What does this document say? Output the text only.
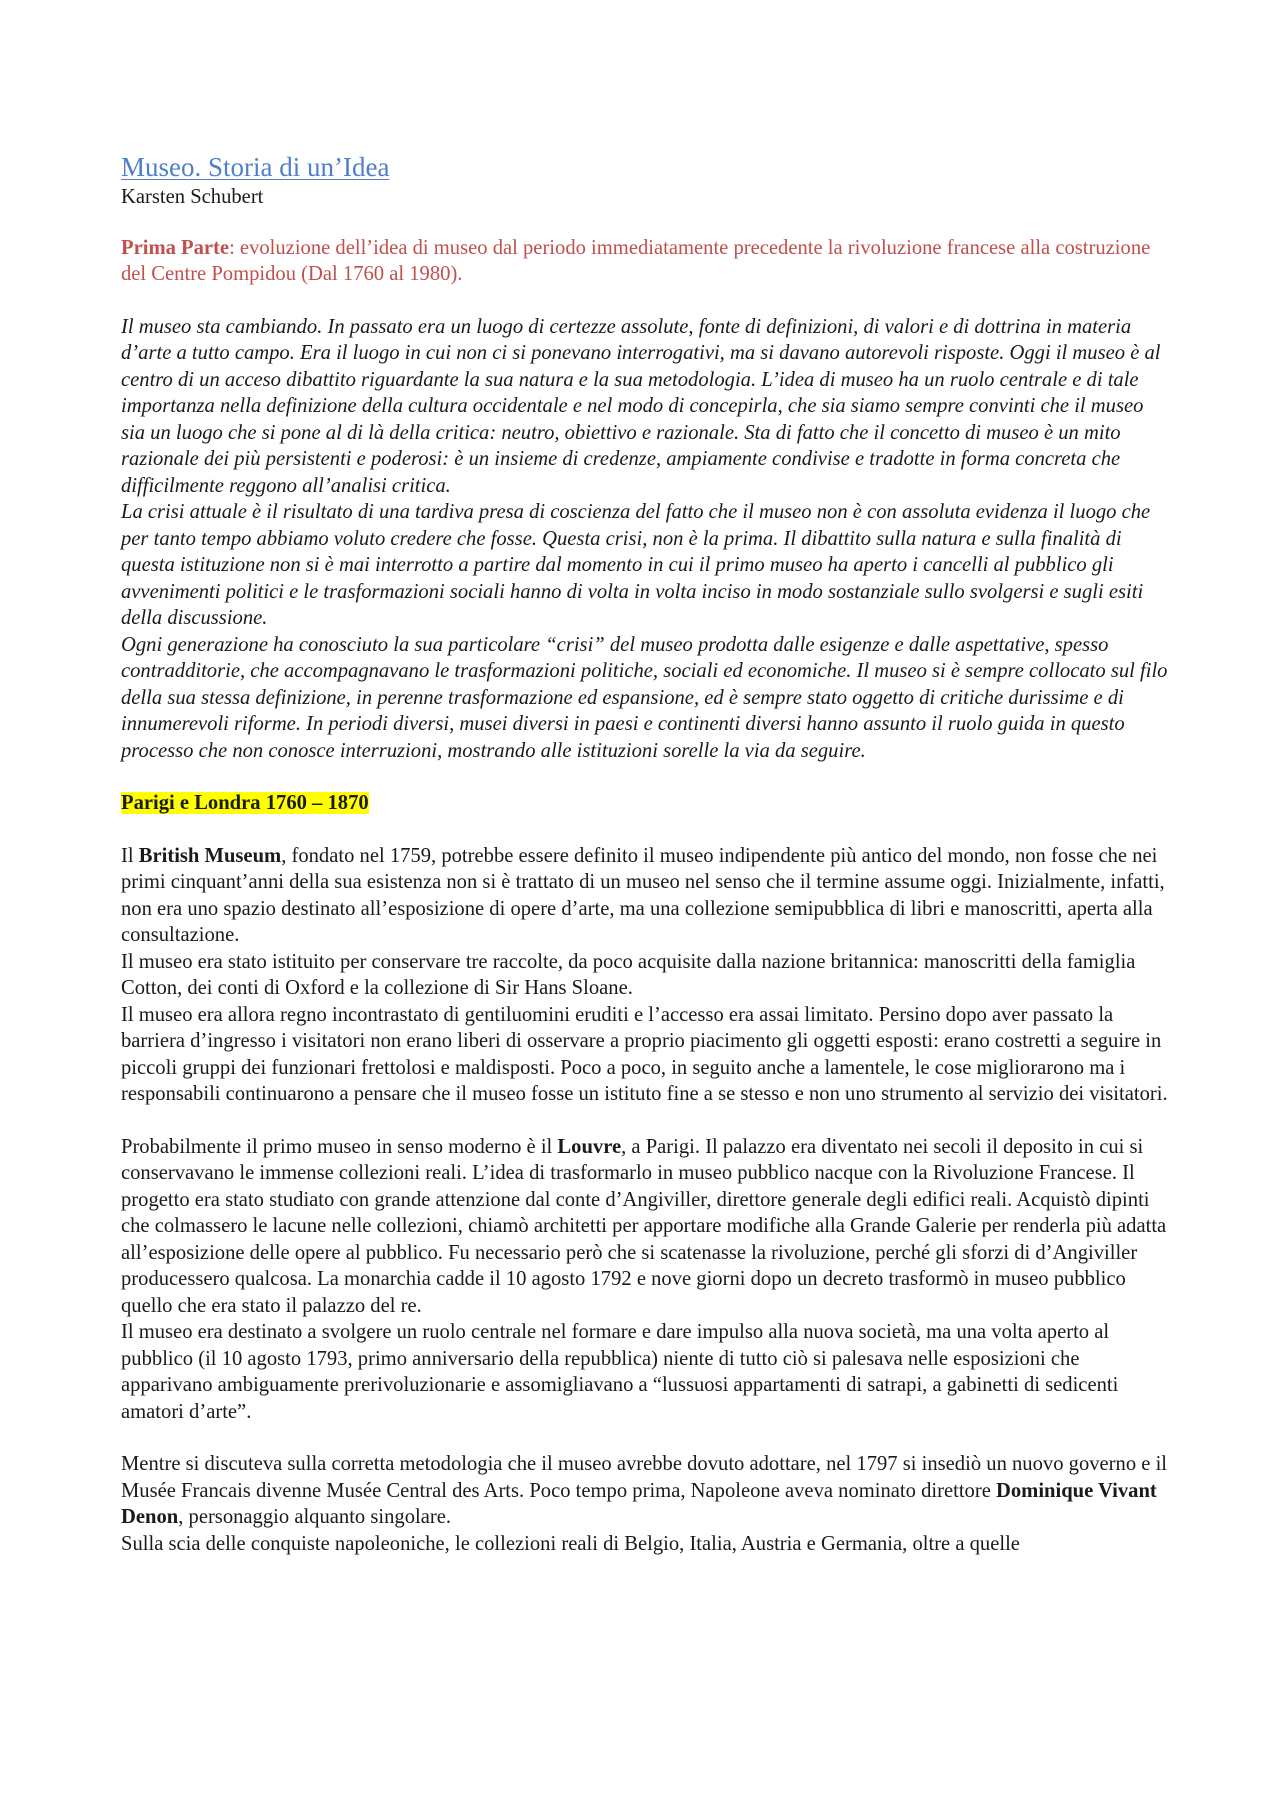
Museo. Storia di un’Idea

Karsten Schubert

Prima Parte: evoluzione dell’idea di museo dal periodo immediatamente precedente la rivoluzione francese alla costruzione del Centre Pompidou (Dal 1760 al 1980).

Il museo sta cambiando. In passato era un luogo di certezze assolute, fonte di definizioni, di valori e di dottrina in materia d’arte a tutto campo. Era il luogo in cui non ci si ponevano interrogativi, ma si davano autorevoli risposte. Oggi il museo è al centro di un acceso dibattito riguardante la sua natura e la sua metodologia. L’idea di museo ha un ruolo centrale e di tale importanza nella definizione della cultura occidentale e nel modo di concepirla, che sia siamo sempre convinti che il museo sia un luogo che si pone al di là della critica: neutro, obiettivo e razionale. Sta di fatto che il concetto di museo è un mito razionale dei più persistenti e poderosi: è un insieme di credenze, ampiamente condivise e tradotte in forma concreta che difficilmente reggono all’analisi critica.

La crisi attuale è il risultato di una tardiva presa di coscienza del fatto che il museo non è con assoluta evidenza il luogo che per tanto tempo abbiamo voluto credere che fosse. Questa crisi, non è la prima. Il dibattito sulla natura e sulla finalità di questa istituzione non si è mai interrotto a partire dal momento in cui il primo museo ha aperto i cancelli al pubblico gli avvenimenti politici e le trasformazioni sociali hanno di volta in volta inciso in modo sostanziale sullo svolgersi e sugli esiti della discussione.

Ogni generazione ha conosciuto la sua particolare “crisi” del museo prodotta dalle esigenze e dalle aspettative, spesso contradditorie, che accompagnavano le trasformazioni politiche, sociali ed economiche. Il museo si è sempre collocato sul filo della sua stessa definizione, in perenne trasformazione ed espansione, ed è sempre stato oggetto di critiche durissime e di innumerevoli riforme. In periodi diversi, musei diversi in paesi e continenti diversi hanno assunto il ruolo guida in questo processo che non conosce interruzioni, mostrando alle istituzioni sorelle la via da seguire.

Parigi e Londra 1760 – 1870

Il British Museum, fondato nel 1759, potrebbe essere definito il museo indipendente più antico del mondo, non fosse che nei primi cinquant’anni della sua esistenza non si è trattato di un museo nel senso che il termine assume oggi. Inizialmente, infatti, non era uno spazio destinato all’esposizione di opere d’arte, ma una collezione semipubblica di libri e manoscritti, aperta alla consultazione.

Il museo era stato istituito per conservare tre raccolte, da poco acquisite dalla nazione britannica: manoscritti della famiglia Cotton, dei conti di Oxford e la collezione di Sir Hans Sloane.

Il museo era allora regno incontrastato di gentiluomini eruditi e l’accesso era assai limitato. Persino dopo aver passato la barriera d’ingresso i visitatori non erano liberi di osservare a proprio piacimento gli oggetti esposti: erano costretti a seguire in piccoli gruppi dei funzionari frettolosi e maldisposti. Poco a poco, in seguito anche a lamentele, le cose migliorarono ma i responsabili continuarono a pensare che il museo fosse un istituto fine a se stesso e non uno strumento al servizio dei visitatori.

Probabilmente il primo museo in senso moderno è il Louvre, a Parigi. Il palazzo era diventato nei secoli il deposito in cui si conservavano le immense collezioni reali. L’idea di trasformarlo in museo pubblico nacque con la Rivoluzione Francese. Il progetto era stato studiato con grande attenzione dal conte d’Angiviller, direttore generale degli edifici reali. Acquistò dipinti che colmassero le lacune nelle collezioni, chiamò architetti per apportare modifiche alla Grande Galerie per renderla più adatta all’esposizione delle opere al pubblico. Fu necessario però che si scatenasse la rivoluzione, perché gli sforzi di d’Angiviller producessero qualcosa. La monarchia cadde il 10 agosto 1792 e nove giorni dopo un decreto trasformò in museo pubblico quello che era stato il palazzo del re.

Il museo era destinato a svolgere un ruolo centrale nel formare e dare impulso alla nuova società, ma una volta aperto al pubblico (il 10 agosto 1793, primo anniversario della repubblica) niente di tutto ciò si palesava nelle esposizioni che apparivano ambiguamente prerivoluzionarie e assomigliavano a “lussuosi appartamenti di satrapi, a gabinetti di sedicenti amatori d’arte”.

Mentre si discuteva sulla corretta metodologia che il museo avrebbe dovuto adottare, nel 1797 si insediò un nuovo governo e il Musée Francais divenne Musée Central des Arts. Poco tempo prima, Napoleone aveva nominato direttore Dominique Vivant Denon, personaggio alquanto singolare.

Sulla scia delle conquiste napoleoniche, le collezioni reali di Belgio, Italia, Austria e Germania, oltre a quelle
